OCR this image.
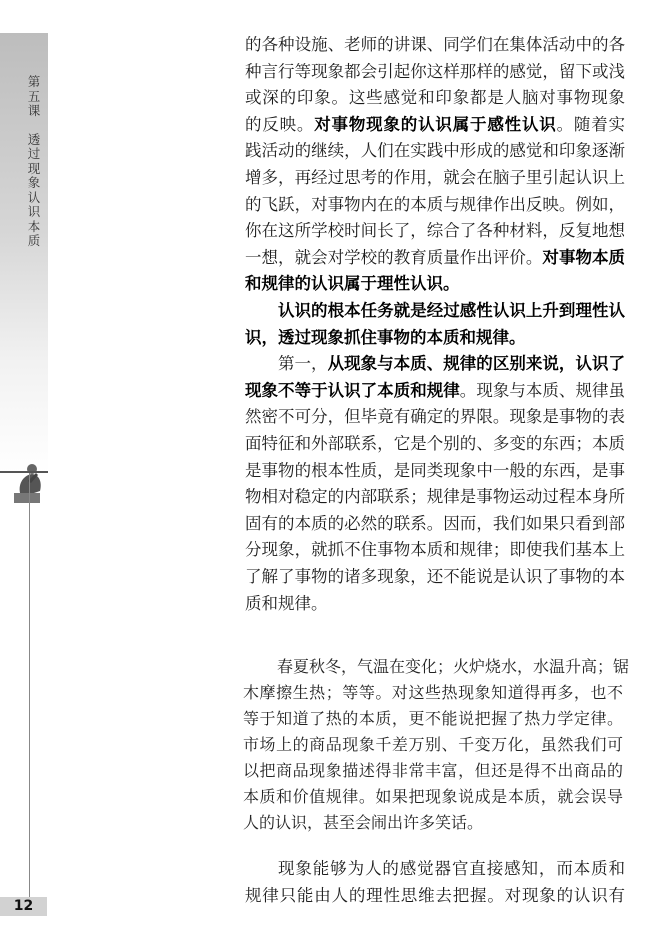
第五课
透过现象认识本质
12
的各种设施、老师的讲课、同学们在集体活动中的各
种言行等现象都会引起你这样那样的感觉，留下或浅
或深的印象。这些感觉和印象都是人脑对事物现象
的反映。对事物现象的认识属于感性认识。随着实
践活动的继续，人们在实践中形成的感觉和印象逐渐
增多，再经过思考的作用，就会在脑子里引起认识上
的飞跃，对事物内在的本质与规律作出反映。例如，
你在这所学校时间长了，综合了各种材料，反复地想
一想，就会对学校的教育质量作出评价。对事物本质
和规律的认识属于理性认识。
认识的根本任务就是经过感性认识上升到理性认
识，透过现象抓住事物的本质和规律。
第一，从现象与本质、规律的区别来说，认识了
现象不等于认识了本质和规律。现象与本质、规律虽
然密不可分，但毕竟有确定的界限。现象是事物的表
面特征和外部联系，它是个别的、多变的东西；本质
是事物的根本性质，是同类现象中一般的东西，是事
物相对稳定的内部联系；规律是事物运动过程本身所
固有的本质的必然的联系。因而，我们如果只看到部
分现象，就抓不住事物本质和规律；即使我们基本上
了解了事物的诸多现象，还不能说是认识了事物的本
质和规律。
春夏秋冬，气温在变化；火炉烧水，水温升高；锯
木摩擦生热；等等。对这些热现象知道得再多，也不
等于知道了热的本质，更不能说把握了热力学定律。
市场上的商品现象千差万别、千变万化，虽然我们可
以把商品现象描述得非常丰富，但还是得不出商品的
本质和价值规律。如果把现象说成是本质，就会误导
人的认识，甚至会闹出许多笑话。
现象能够为人的感觉器官直接感知，而本质和
规律只能由人的理性思维去把握。对现象的认识有
